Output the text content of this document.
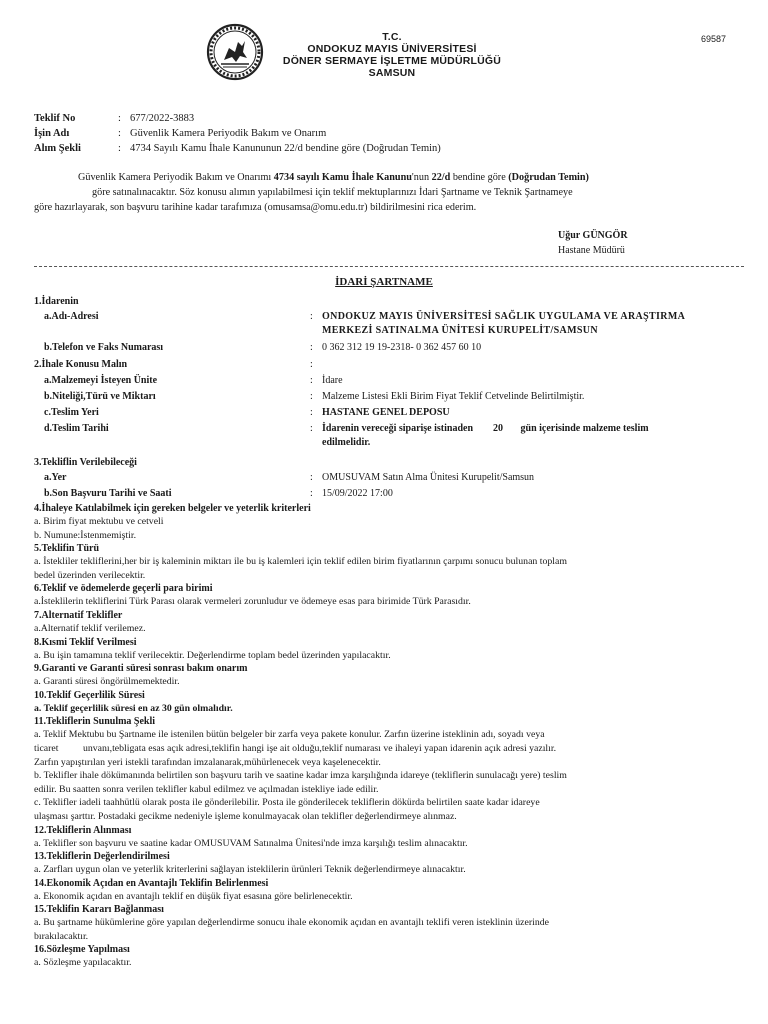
T.C.
ONDOKUZ MAYIS ÜNİVERSİTESİ
DÖNER SERMAYE İŞLETME MÜDÜRLÜĞÜ
SAMSUN
69587
Teklif No	: 677/2022-3883
İşin Adı	: Güvenlik Kamera Periyodik Bakım ve Onarım
Alım Şekli	: 4734 Sayılı Kamu İhale Kanununun 22/d bendine göre (Doğrudan Temin)
Güvenlik Kamera Periyodik Bakım ve Onarımı 4734 sayılı Kamu İhale Kanunu'nun 22/d bendine göre (Doğrudan Temin)
göre satınalınacaktır. Söz konusu alımın yapılabilmesi için teklif mektuplarınızı İdari Şartname ve Teknik Şartnameye
göre hazırlayarak, son başvuru tarihine kadar tarafımıza (omusamsa@omu.edu.tr) bildirilmesini rica ederim.
Uğur GÜNGÖR
Hastane Müdürü
İDARİ ŞARTNAME
1.İdarenin
a.Adı-Adresi	: ONDOKUZ MAYIS ÜNİVERSİTESİ SAĞLIK UYGULAMA VE ARAŞTIRMA
MERKEZİ SATINALMA ÜNİTESİ KURUPELİT/SAMSUN
b.Telefon ve Faks Numarası	: 0 362 312 19 19-2318- 0 362 457 60 10
2.İhale Konusu Malın	:
a.Malzemeyi İsteyen Ünite	: İdare
b.Niteliği,Türü ve Miktarı	: Malzeme Listesi Ekli Birim Fiyat Teklif Cetvelinde Belirtilmiştir.
c.Teslim Yeri	: HASTANE GENEL DEPOSU
d.Teslim Tarihi	: İdarenin vereceği siparişe istinaden        20       gün içerisinde malzeme teslim
edilmelidir.
3.Tekliflin Verilebileceği
a.Yer	: OMUSUVAM Satın Alma Ünitesi Kurupelit/Samsun
b.Son Başvuru Tarihi ve Saati	: 15/09/2022 17:00
4.İhaleye Katılabilmek için gereken belgeler ve yeterlik kriterleri
a. Birim fiyat mektubu ve cetveli
b. Numune:İstenmemiştir.
5.Teklifin Türü
a. İstekliler tekliflerini,her bir iş kaleminin miktarı ile bu iş kalemleri için teklif edilen birim fiyatlarının çarpımı sonucu bulunan toplam
bedel üzerinden verilecektir.
6.Teklif ve ödemelerde geçerli para birimi
a.İsteklilerin tekliflerini Türk Parası olarak vermeleri zorunludur ve ödemeye esas para birimide Türk Parasıdır.
7.Alternatif Teklifler
a.Alternatif teklif verilemez.
8.Kısmi Teklif Verilmesi
a. Bu işin tamamına teklif verilecektir. Değerlendirme toplam bedel üzerinden yapılacaktır.
9.Garanti ve Garanti süresi sonrası bakım onarım
a. Garanti süresi öngörülmemektedir.
10.Teklif Geçerlilik Süresi
a. Teklif geçerlilik süresi en az 30 gün olmalıdır.
11.Tekliflerin Sunulma Şekli
a. Teklif Mektubu bu Şartname ile istenilen bütün belgeler bir zarfa veya pakete konulur. Zarfın üzerine isteklinin adı, soyadı veya
ticaret          unvanı,tebligata esas açık adresi,teklifin hangi işe ait olduğu,teklif numarası ve ihaleyi yapan idarenin açık adresi yazılır.
Zarfın yapıştırılan yeri istekli tarafından imzalanarak,mühürlenecek veya kaşelenecektir.
b. Teklifler ihale dökümanında belirtilen son başvuru tarih ve saatine kadar imza karşılığında idareye (tekliflerin sunulacağı yere) teslim
edilir. Bu saatten sonra verilen teklifler kabul edilmez ve açılmadan istekliye iade edilir.
c. Teklifler iadeli taahhütlü olarak posta ile gönderilebilir. Posta ile gönderilecek tekliflerin dökürda belirtilen saate kadar idareye
ulaşması şarttır. Postadaki gecikme nedeniyle işleme konulmayacak olan teklifler değerlendirmeye alınmaz.
12.Tekliflerin Alınması
a. Teklifler son başvuru ve saatine kadar OMUSUVAM Satınalma Ünitesi'nde imza karşılığı teslim alınacaktır.
13.Tekliflerin Değerlendirilmesi
a. Zarfları uygun olan ve yeterlik kriterlerini sağlayan isteklilerin ürünleri Teknik değerlendirmeye alınacaktır.
14.Ekonomik Açıdan en Avantajlı Teklifin Belirlenmesi
a. Ekonomik açıdan en avantajlı teklif en düşük fiyat esasına göre belirlenecektir.
15.Teklifin Kararı Bağlanması
a. Bu şartname hükümlerine göre yapılan değerlendirme sonucu ihale ekonomik açıdan en avantajlı teklifi veren isteklinin üzerinde
bırakılacaktır.
16.Sözleşme Yapılması
a. Sözleşme yapılacaktır.
